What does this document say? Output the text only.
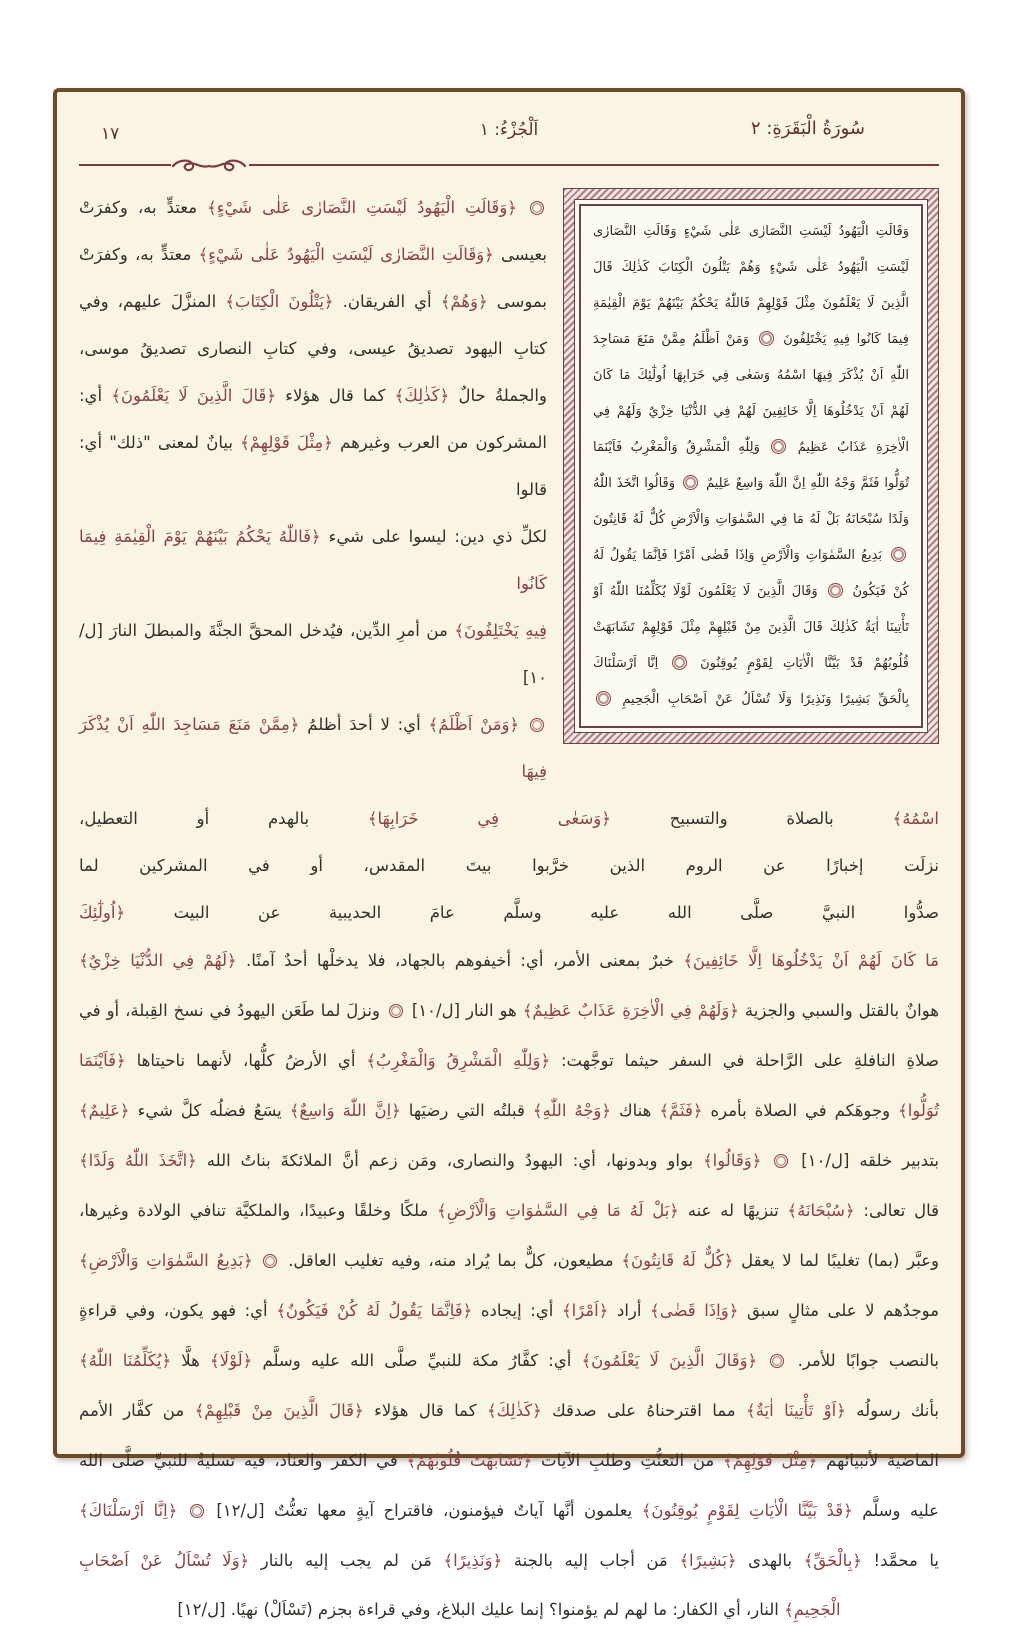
١٧	اَلْجُزْءُ: ١	سُورَةُ الْبَقَرَةِ: ٢
وَقَالَتِ الْيَهُودُ لَيْسَتِ النَّصَارٰى عَلٰى شَيْءٍ وَقَالَتِ النَّصَارٰى
لَيْسَتِ الْيَهُودُ عَلٰى شَيْءٍ وَهُمْ يَتْلُونَ الْكِتَابَ كَذٰلِكَ قَالَ
الَّذِينَ لَا يَعْلَمُونَ مِثْلَ قَوْلِهِمْ فَاللّٰهُ يَحْكُمُ بَيْنَهُمْ يَوْمَ الْقِيٰمَةِ
فِيمَا كَانُوا فِيهِ يَخْتَلِفُونَ  وَمَنْ اَظْلَمُ مِمَّنْ مَنَعَ مَسَاجِدَ
اللّٰهِ اَنْ يُذْكَرَ فِيهَا اسْمُهُ وَسَعٰى فِي خَرَابِهَا اُولٰٓئِكَ مَا كَانَ
لَهُمْ اَنْ يَدْخُلُوهَا اِلَّا خَائِفِينَ لَهُمْ فِي الدُّنْيَا خِزْيٌ وَلَهُمْ فِي
الْاٰخِرَةِ عَذَابٌ عَظِيمٌ  وَلِلّٰهِ الْمَشْرِقُ وَالْمَغْرِبُ فَاَيْنَمَا
تُوَلُّوا فَثَمَّ وَجْهُ اللّٰهِ اِنَّ اللّٰهَ وَاسِعٌ عَلِيمٌ  وَقَالُوا اتَّخَذَ اللّٰهُ
وَلَدًا سُبْحَانَهُ بَلْ لَهُ مَا فِي السَّمٰوَاتِ وَالْاَرْضِ كُلٌّ لَهُ قَانِتُونَ
بَدِيعُ السَّمٰوَاتِ وَالْاَرْضِ وَاِذَا قَضٰى اَمْرًا فَاِنَّمَا يَقُولُ لَهُ
كُنْ فَيَكُونُ  وَقَالَ الَّذِينَ لَا يَعْلَمُونَ لَوْلَا يُكَلِّمُنَا اللّٰهُ اَوْ
تَأْتِينَا اٰيَةٌ كَذٰلِكَ قَالَ الَّذِينَ مِنْ قَبْلِهِمْ مِثْلَ قَوْلِهِمْ تَشَابَهَتْ
قُلُوبُهُمْ قَدْ بَيَّنَّا الْاٰيَاتِ لِقَوْمٍ يُوقِنُونَ  اِنَّا اَرْسَلْنَاكَ
بِالْحَقِّ بَشِيرًا وَنَذِيرًا وَلَا تُسْاَلُ عَنْ اَصْحَابِ الْجَحِيمِ
﴿وَقَالَتِ الْيَهُودُ لَيْسَتِ النَّصَارٰى عَلٰى شَيْءٍ﴾ معتدٍّ به، وكفرَتْ
بعيسى ﴿وَقَالَتِ النَّصَارٰى لَيْسَتِ الْيَهُودُ عَلٰى شَيْءٍ﴾ معتدٍّ به، وكفرَتْ
بموسى ﴿وَهُمْ﴾ أي الفريقان. ﴿يَتْلُونَ الْكِتَابَ﴾ المنزَّلَ عليهم، وفي
كتابِ اليهود تصديقُ عيسى، وفي كتابِ النصارى تصديقُ موسى،
والجملةُ حالٌ ﴿كَذٰلِكَ﴾ كما قال هؤلاء ﴿قَالَ الَّذِينَ لَا يَعْلَمُونَ﴾ أي:
المشركون من العرب وغيرهم ﴿مِثْلَ قَوْلِهِمْ﴾ بيانٌ لمعنى "ذلك" أي: قالوا
لكلِّ ذي دين: ليسوا على شيء ﴿فَاللّٰهُ يَحْكُمُ بَيْنَهُمْ يَوْمَ الْقِيٰمَةِ فِيمَا كَانُوا
فِيهِ يَخْتَلِفُونَ﴾ من أمرِ الدِّين، فيُدخل المحقَّ الجنَّةَ والمبطلَ النارَ [ل/١٠]
﴿وَمَنْ اَظْلَمُ﴾ أي: لا أحدَ أظلمُ ﴿مِمَّنْ مَنَعَ مَسَاجِدَ اللّٰهِ اَنْ يُذْكَرَ فِيهَا
اسْمُهُ﴾ بالصلاة والتسبيح ﴿وَسَعٰى فِي خَرَابِهَا﴾ بالهدم أو التعطيل،
نزلَت إخبارًا عن الروم الذين خرَّبوا بيتَ المقدس، أو في المشركين لما
صدُّوا النبيَّ صلَّى الله عليه وسلَّم عامَ الحديبية عن البيت ﴿اُولٰٓئِكَ
مَا كَانَ لَهُمْ اَنْ يَدْخُلُوهَا اِلَّا خَائِفِينَ﴾ خبرٌ بمعنى الأمر، أي: أخيفوهم بالجهاد، فلا يدخلْها أحدٌ آمنًا. ﴿لَهُمْ فِي الدُّنْيَا خِزْيٌ﴾
هوانٌ بالقتل والسبي والجزية ﴿وَلَهُمْ فِي الْاٰخِرَةِ عَذَابٌ عَظِيمٌ﴾ هو النار [ل/١٠]  ونزلَ لما طَعَن اليهودُ في نسخ القِبلة، أو في
صلاةِ النافلةِ على الرَّاحلة في السفر حيثما توجَّهت: ﴿وَلِلّٰهِ الْمَشْرِقُ وَالْمَغْرِبُ﴾ أي الأرضُ كلُّها، لأنهما ناحيتاها ﴿فَاَيْنَمَا
تُوَلُّوا﴾ وجوهَكم في الصلاة بأمره ﴿فَثَمَّ﴾ هناك ﴿وَجْهُ اللّٰهِ﴾ قبلتُه التي رضيَها ﴿اِنَّ اللّٰهَ وَاسِعٌ﴾ يسَعُ فضلُه كلَّ شيء ﴿عَلِيمٌ﴾
بتدبير خلقه [ل/١٠]  ﴿وَقَالُوا﴾ بواو وبدونها، أي: اليهودُ والنصارى، ومَن زعم أنَّ الملائكةَ بناتُ الله ﴿اتَّخَذَ اللّٰهُ وَلَدًا﴾
قال تعالى: ﴿سُبْحَانَهُ﴾ تنزيهًا له عنه ﴿بَلْ لَهُ مَا فِي السَّمٰوَاتِ وَالْاَرْضِ﴾ ملكًا وخلقًا وعبيدًا، والملكيَّة تنافي الولادة وغيرها،
وعبَّر (بما) تغليبًا لما لا يعقل ﴿كُلٌّ لَهُ قَانِتُونَ﴾ مطيعون، كلٌّ بما يُراد منه، وفيه تغليب العاقل.  ﴿بَدِيعُ السَّمٰوَاتِ وَالْاَرْضِ﴾
موجدُهم لا على مثالٍ سبق ﴿وَاِذَا قَضٰى﴾ أراد ﴿اَمْرًا﴾ أي: إيجاده ﴿فَاِنَّمَا يَقُولُ لَهُ كُنْ فَيَكُونُ﴾ أي: فهو يكون، وفي قراءةٍ
بالنصب جوابًا للأمر.  ﴿وَقَالَ الَّذِينَ لَا يَعْلَمُونَ﴾ أي: كفَّارُ مكة للنبيِّ صلَّى الله عليه وسلَّم ﴿لَوْلَا﴾ هلَّا ﴿يُكَلِّمُنَا اللّٰهُ﴾
بأنك رسولُه ﴿اَوْ تَأْتِينَا اٰيَةٌ﴾ مما اقترحناهُ على صدقك ﴿كَذٰلِكَ﴾ كما قال هؤلاء ﴿قَالَ الَّذِينَ مِنْ قَبْلِهِمْ﴾ من كفَّار الأمم
الماضية لأنبيائهم ﴿مِثْلَ قَوْلِهِمْ﴾ من التعنُّتِ وطلبِ الآيات ﴿تَشَابَهَتْ قُلُوبُهُمْ﴾ في الكفر والعناد، فيه تسليةٌ للنبيِّ صلَّى الله
عليه وسلَّم ﴿قَدْ بَيَّنَّا الْاٰيَاتِ لِقَوْمٍ يُوقِنُونَ﴾ يعلمون أنَّها آياتٌ فيؤمنون، فاقتراح آيةٍ معها تعنُّتٌ [ل/١٢]  ﴿اِنَّا اَرْسَلْنَاكَ﴾
يا محمَّد! ﴿بِالْحَقِّ﴾ بالهدى ﴿بَشِيرًا﴾ مَن أجاب إليه بالجنة ﴿وَنَذِيرًا﴾ مَن لم يجب إليه بالنار ﴿وَلَا تُسْاَلُ عَنْ اَصْحَابِ
الْجَحِيمِ﴾ النار، أي الكفار: ما لهم لم يؤمنوا؟ إنما عليك البلاغ، وفي قراءة بجزم (تَسْاَلْ) نهيًا. [ل/١٢]
